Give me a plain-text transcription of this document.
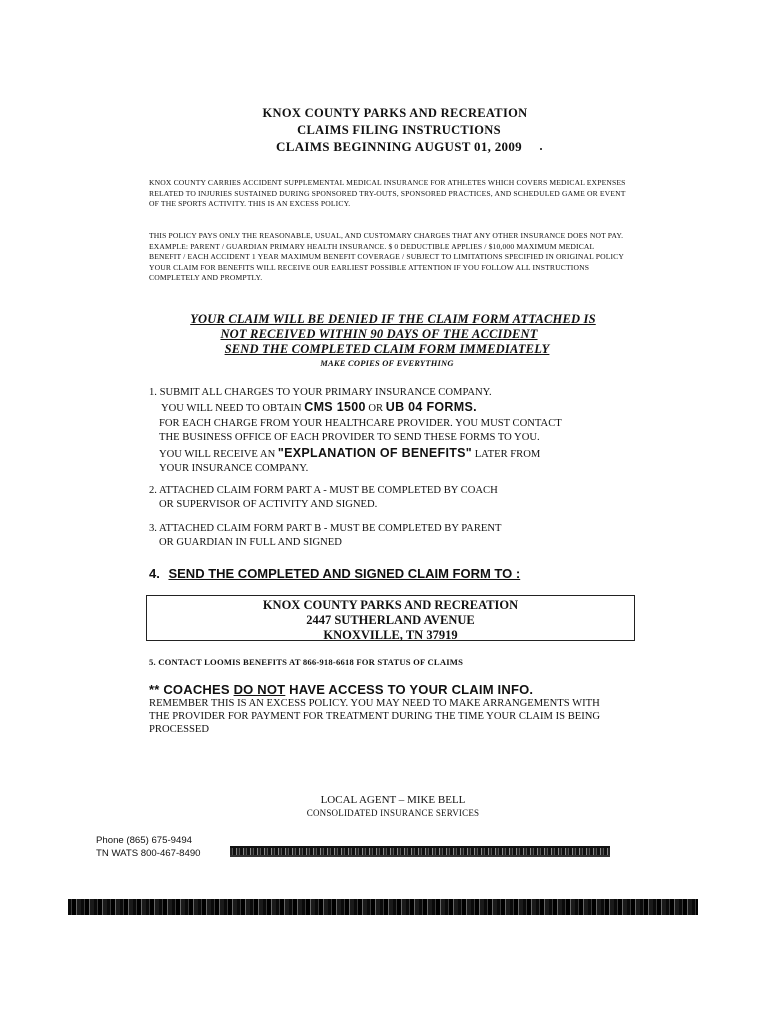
KNOX COUNTY PARKS AND RECREATION
CLAIMS FILING INSTRUCTIONS
CLAIMS BEGINNING AUGUST 01, 2009
KNOX COUNTY CARRIES ACCIDENT SUPPLEMENTAL MEDICAL INSURANCE FOR ATHLETES WHICH COVERS MEDICAL EXPENSES RELATED TO INJURIES SUSTAINED DURING SPONSORED TRY-OUTS, SPONSORED PRACTICES, AND SCHEDULED GAME OR EVENT OF THE SPORTS ACTIVITY. THIS IS AN EXCESS POLICY.
THIS POLICY PAYS ONLY THE REASONABLE, USUAL, AND CUSTOMARY CHARGES THAT ANY OTHER INSURANCE DOES NOT PAY. EXAMPLE: PARENT / GUARDIAN PRIMARY HEALTH INSURANCE. $ 0 DEDUCTIBLE APPLIES / $10,000 MAXIMUM MEDICAL BENEFIT / EACH ACCIDENT 1 YEAR MAXIMUM BENEFIT COVERAGE / SUBJECT TO LIMITATIONS SPECIFIED IN ORIGINAL POLICY YOUR CLAIM FOR BENEFITS WILL RECEIVE OUR EARLIEST POSSIBLE ATTENTION IF YOU FOLLOW ALL INSTRUCTIONS COMPLETELY AND PROMPTLY.
YOUR CLAIM WILL BE DENIED IF THE CLAIM FORM ATTACHED IS
NOT RECEIVED WITHIN 90 DAYS OF THE ACCIDENT
SEND THE COMPLETED CLAIM FORM IMMEDIATELY
MAKE COPIES OF EVERYTHING
1. SUBMIT ALL CHARGES TO YOUR PRIMARY INSURANCE COMPANY.
YOU WILL NEED TO OBTAIN CMS 1500 OR UB 04 FORMS.
FOR EACH CHARGE FROM YOUR HEALTHCARE PROVIDER. YOU MUST CONTACT
THE BUSINESS OFFICE OF EACH PROVIDER TO SEND THESE FORMS TO YOU.
YOU WILL RECEIVE AN "EXPLANATION OF BENEFITS" LATER FROM
YOUR INSURANCE COMPANY.
2. ATTACHED CLAIM FORM PART A - MUST BE COMPLETED BY COACH
OR SUPERVISOR OF ACTIVITY AND SIGNED.
3. ATTACHED CLAIM FORM PART B - MUST BE COMPLETED BY PARENT
OR GUARDIAN IN FULL AND SIGNED
4. SEND THE COMPLETED AND SIGNED CLAIM FORM TO :
KNOX COUNTY PARKS AND RECREATION
2447 SUTHERLAND AVENUE
KNOXVILLE, TN 37919
5. CONTACT LOOMIS BENEFITS AT 866-918-6618 FOR STATUS OF CLAIMS
** COACHES DO NOT HAVE ACCESS TO YOUR CLAIM INFO.
REMEMBER THIS IS AN EXCESS POLICY. YOU MAY NEED TO MAKE ARRANGEMENTS WITH THE PROVIDER FOR PAYMENT FOR TREATMENT DURING THE TIME YOUR CLAIM IS BEING PROCESSED
LOCAL AGENT – MIKE BELL
CONSOLIDATED INSURANCE SERVICES
Phone (865) 675-9494
TN WATS 800-467-8490
